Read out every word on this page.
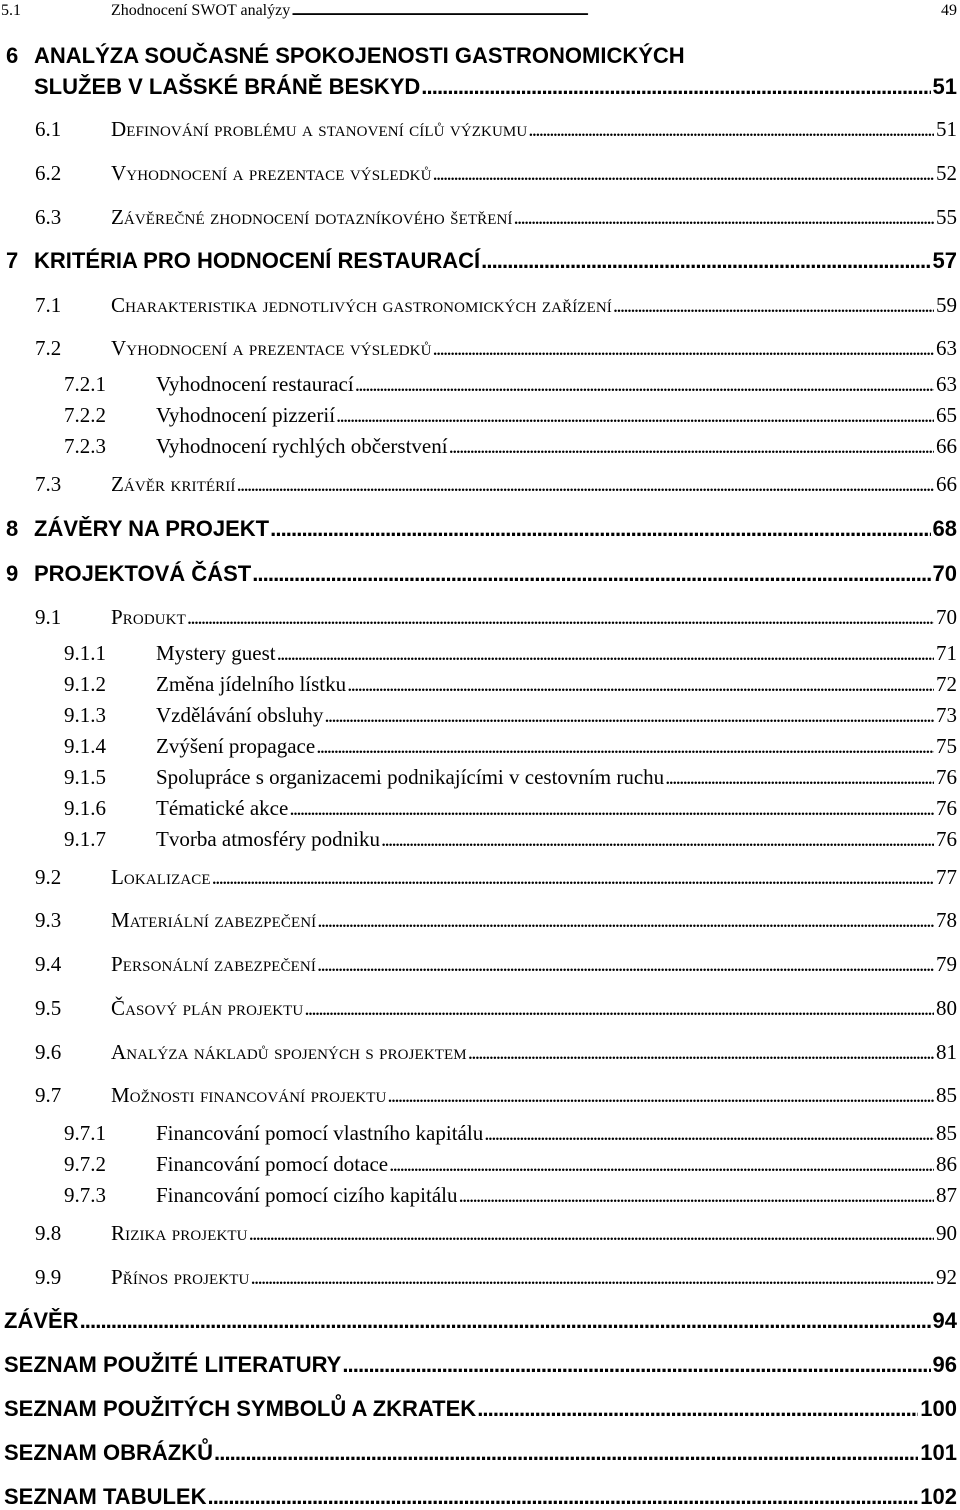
5.1	Zhodnocení SWOT analýzy . . .	49
6 ANALÝZA SOUČASNÉ SPOKOJENOSTI GASTRONOMICKÝCH
SLUŽEB V LAŠSKÉ BRÁNĚ BESKYD . . .	51
6.1	Definování problému a stanovení cílů výzkumu . . .	51
6.2	Vyhodnocení a prezentace výsledků . . .	52
6.3	Závěrečné zhodnocení dotazníkového šetření . . .	55
7 KRITÉRIA PRO HODNOCENÍ RESTAURACÍ . . .	57
7.1	Charakteristika jednotlivých gastronomických zařízení . . .	59
7.2	Vyhodnocení a prezentace výsledků . . .	63
7.2.1	Vyhodnocení restaurací . . .	63
7.2.2	Vyhodnocení pizzerií . . .	65
7.2.3	Vyhodnocení rychlých občerstvení . . .	66
7.3	Závěr kritérií . . .	66
8 ZÁVĚRY NA PROJEKT . . .	68
9 PROJEKTOVÁ ČÁST . . .	70
9.1	Produkt . . .	70
9.1.1	Mystery guest . . .	71
9.1.2	Změna jídelního lístku . . .	72
9.1.3	Vzdělávání obsluhy . . .	73
9.1.4	Zvýšení propagace . . .	75
9.1.5	Spolupráce s organizacemi podnikajícími v cestovním ruchu . . .	76
9.1.6	Tématické akce . . .	76
9.1.7	Tvorba atmosféry podniku . . .	76
9.2	Lokalizace . . .	77
9.3	Materiální zabezpečení . . .	78
9.4	Personální zabezpečení . . .	79
9.5	Časový plán projektu . . .	80
9.6	Analýza nákladů spojených s projektem . . .	81
9.7	Možnosti financování projektu . . .	85
9.7.1	Financování pomocí vlastního kapitálu . . .	85
9.7.2	Financování pomocí dotace . . .	86
9.7.3	Financování pomocí cizího kapitálu . . .	87
9.8	Rizika projektu . . .	90
9.9	Přínos projektu . . .	92
ZÁVĚR . . .	94
SEZNAM POUŽITÉ LITERATURY . . .	96
SEZNAM POUŽITÝCH SYMBOLŮ A ZKRATEK . . .	100
SEZNAM OBRÁZKŮ . . .	101
SEZNAM TABULEK . . .	102
